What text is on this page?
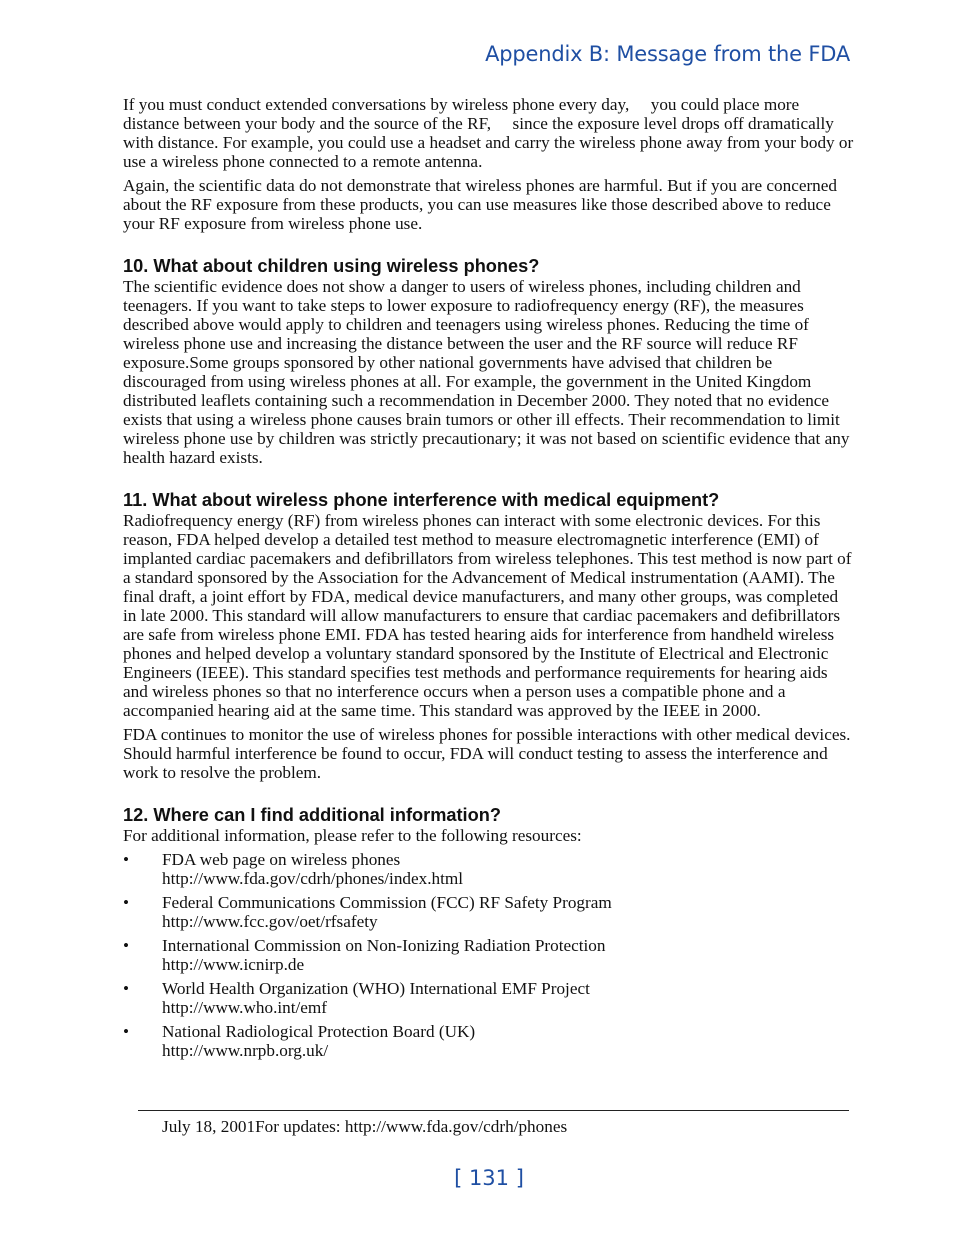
Appendix B: Message from the FDA

If you must conduct extended conversations by wireless phone every day,     you could place more distance between your body and the source of the RF,     since the exposure level drops off dramatically with distance. For example, you could use a headset and carry the wireless phone away from your body or use a wireless phone connected to a remote antenna.

Again, the scientific data do not demonstrate that wireless phones are harmful. But if you are concerned about the RF exposure from these products, you can use measures like those described above to reduce your RF exposure from wireless phone use.

10. What about children using wireless phones?

The scientific evidence does not show a danger to users of wireless phones, including children and teenagers. If you want to take steps to lower exposure to radiofrequency energy (RF), the measures described above would apply to children and teenagers using wireless phones. Reducing the time of wireless phone use and increasing the distance between the user and the RF source will reduce RF exposure.Some groups sponsored by other national governments have advised that children be discouraged from using wireless phones at all. For example, the government in the United Kingdom distributed leaflets containing such a recommendation in December 2000. They noted that no evidence exists that using a wireless phone causes brain tumors or other ill effects. Their recommendation to limit wireless phone use by children was strictly precautionary; it was not based on scientific evidence that any health hazard exists.

11. What about wireless phone interference with medical equipment?

Radiofrequency energy (RF) from wireless phones can interact with some electronic devices. For this reason, FDA helped develop a detailed test method to measure electromagnetic interference (EMI) of implanted cardiac pacemakers and defibrillators from wireless telephones. This test method is now part of a standard sponsored by the Association for the Advancement of Medical instrumentation (AAMI). The final draft, a joint effort by FDA, medical device manufacturers, and many other groups, was completed in late 2000. This standard will allow manufacturers to ensure that cardiac pacemakers and defibrillators are safe from wireless phone EMI. FDA has tested hearing aids for interference from handheld wireless phones and helped develop a voluntary standard sponsored by the Institute of Electrical and Electronic Engineers (IEEE). This standard specifies test methods and performance requirements for hearing aids and wireless phones so that no interference occurs when a person uses a compatible phone and a accompanied hearing aid at the same time. This standard was approved by the IEEE in 2000.

FDA continues to monitor the use of wireless phones for possible interactions with other medical devices. Should harmful interference be found to occur, FDA will conduct testing to assess the interference and work to resolve the problem.

12. Where can I find additional information?

For additional information, please refer to the following resources:

• FDA web page on wireless phones
http://www.fda.gov/cdrh/phones/index.html
• Federal Communications Commission (FCC) RF Safety Program
http://www.fcc.gov/oet/rfsafety
• International Commission on Non-Ionizing Radiation Protection
http://www.icnirp.de
• World Health Organization (WHO) International EMF Project
http://www.who.int/emf
• National Radiological Protection Board (UK)
http://www.nrpb.org.uk/
July 18, 2001For updates: http://www.fda.gov/cdrh/phones
[ 131 ]
